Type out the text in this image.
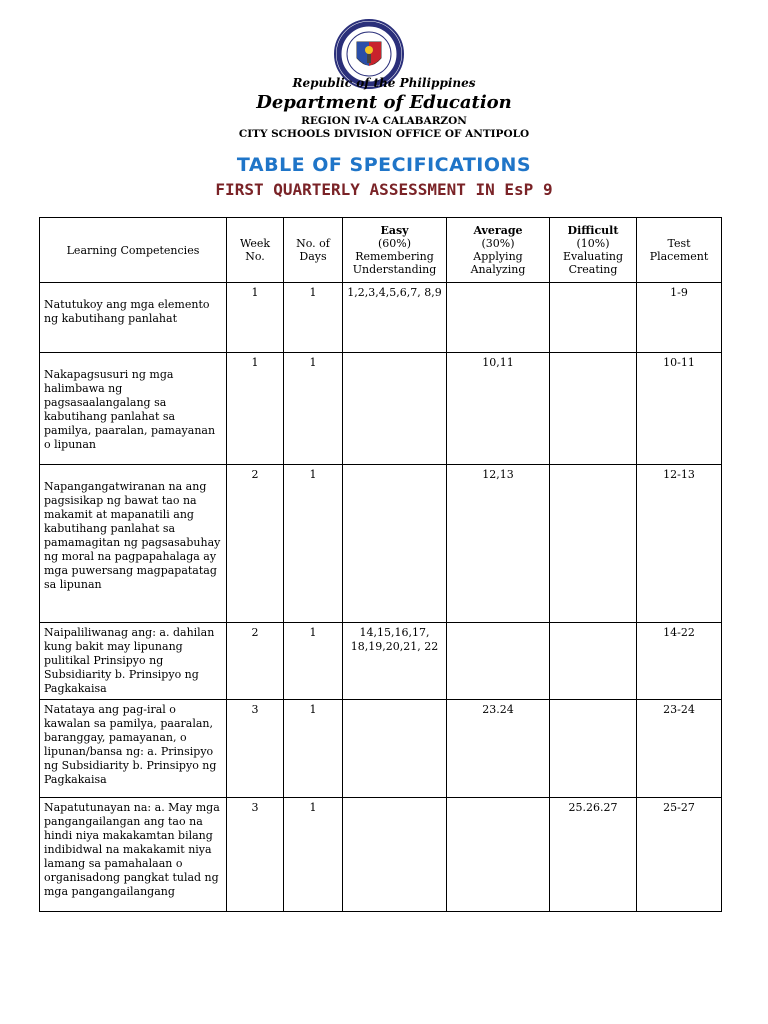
Republic of the Philippines
Department of Education
REGION IV-A CALABARZON
CITY SCHOOLS DIVISION OFFICE OF ANTIPOLO
TABLE OF SPECIFICATIONS
FIRST QUARTERLY ASSESSMENT IN EsP 9
Learning Competencies	Week No.	No. of Days	Easy
(60%)
Remembering
Understanding	Average
(30%)
Applying
Analyzing	Difficult
(10%)
Evaluating
Creating	Test Placement

Natutukoy ang mga elemento ng kabutihang panlahat	1	1	1,2,3,4,5,6,7, 8,9			1-9

Nakapagsusuri ng mga halimbawa ng pagsasaalangalang sa kabutihang panlahat sa pamilya, paaralan, pamayanan o lipunan	1	1		10,11		10-11

Napangangatwiranan na ang pagsisikap ng bawat tao na makamit at mapanatili ang kabutihang panlahat sa pamamagitan ng pagsasabuhay ng moral na pagpapahalaga ay mga puwersang magpapatatag sa lipunan	2	1		12,13		12-13
Naipaliliwanag ang: a. dahilan kung bakit may lipunang pulitikal Prinsipyo ng Subsidiarity b. Prinsipyo ng Pagkakaisa	2	1	14,15,16,17, 18,19,20,21, 22			14-22
Natataya ang pag-iral o kawalan sa pamilya, paaralan, baranggay, pamayanan, o lipunan/bansa ng: a. Prinsipyo ng Subsidiarity b. Prinsipyo ng Pagkakaisa	3	1		23.24		23-24
Napatutunayan na: a. May mga pangangailangan ang tao na hindi niya makakamtan bilang indibidwal na makakamit niya lamang sa pamahalaan o organisadong pangkat tulad ng mga pangangailangang	3	1			25.26.27	25-27
